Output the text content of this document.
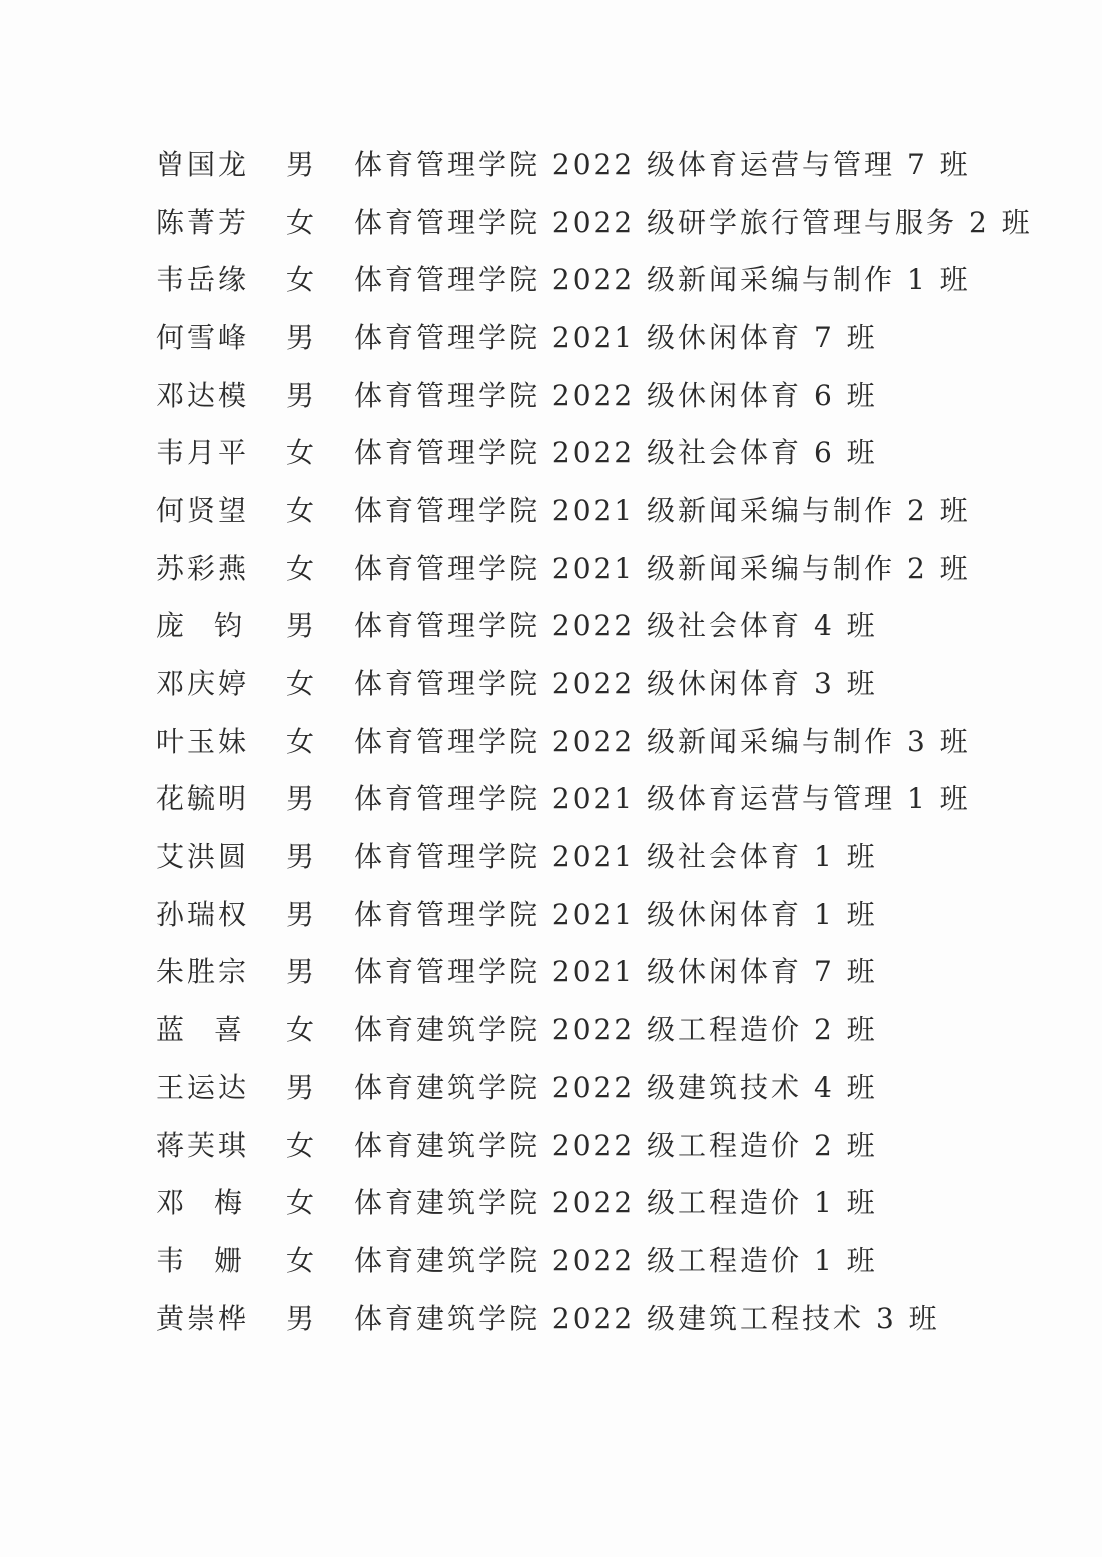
曾国龙	男	体育管理学院 2022 级体育运营与管理 7 班
陈菁芳	女	体育管理学院 2022 级研学旅行管理与服务 2 班
韦岳缘	女	体育管理学院 2022 级新闻采编与制作 1 班
何雪峰	男	体育管理学院 2021 级休闲体育 7 班
邓达模	男	体育管理学院 2022 级休闲体育 6 班
韦月平	女	体育管理学院 2022 级社会体育 6 班
何贤望	女	体育管理学院 2021 级新闻采编与制作 2 班
苏彩燕	女	体育管理学院 2021 级新闻采编与制作 2 班
庞 钧 男	体育管理学院 2022 级社会体育 4 班
邓庆婷	女	体育管理学院 2022 级休闲体育 3 班
叶玉妹	女	体育管理学院 2022 级新闻采编与制作 3 班
花毓明	男	体育管理学院 2021 级体育运营与管理 1 班
艾洪圆	男	体育管理学院 2021 级社会体育 1 班
孙瑞权	男	体育管理学院 2021 级休闲体育 1 班
朱胜宗	男	体育管理学院 2021 级休闲体育 7 班
蓝 喜 女	体育建筑学院 2022 级工程造价 2 班
王运达	男	体育建筑学院 2022 级建筑技术 4 班
蒋芙琪	女	体育建筑学院 2022 级工程造价 2 班
邓 梅 女	体育建筑学院 2022 级工程造价 1 班
韦 姗 女	体育建筑学院 2022 级工程造价 1 班
黄崇桦	男	体育建筑学院 2022 级建筑工程技术 3 班
